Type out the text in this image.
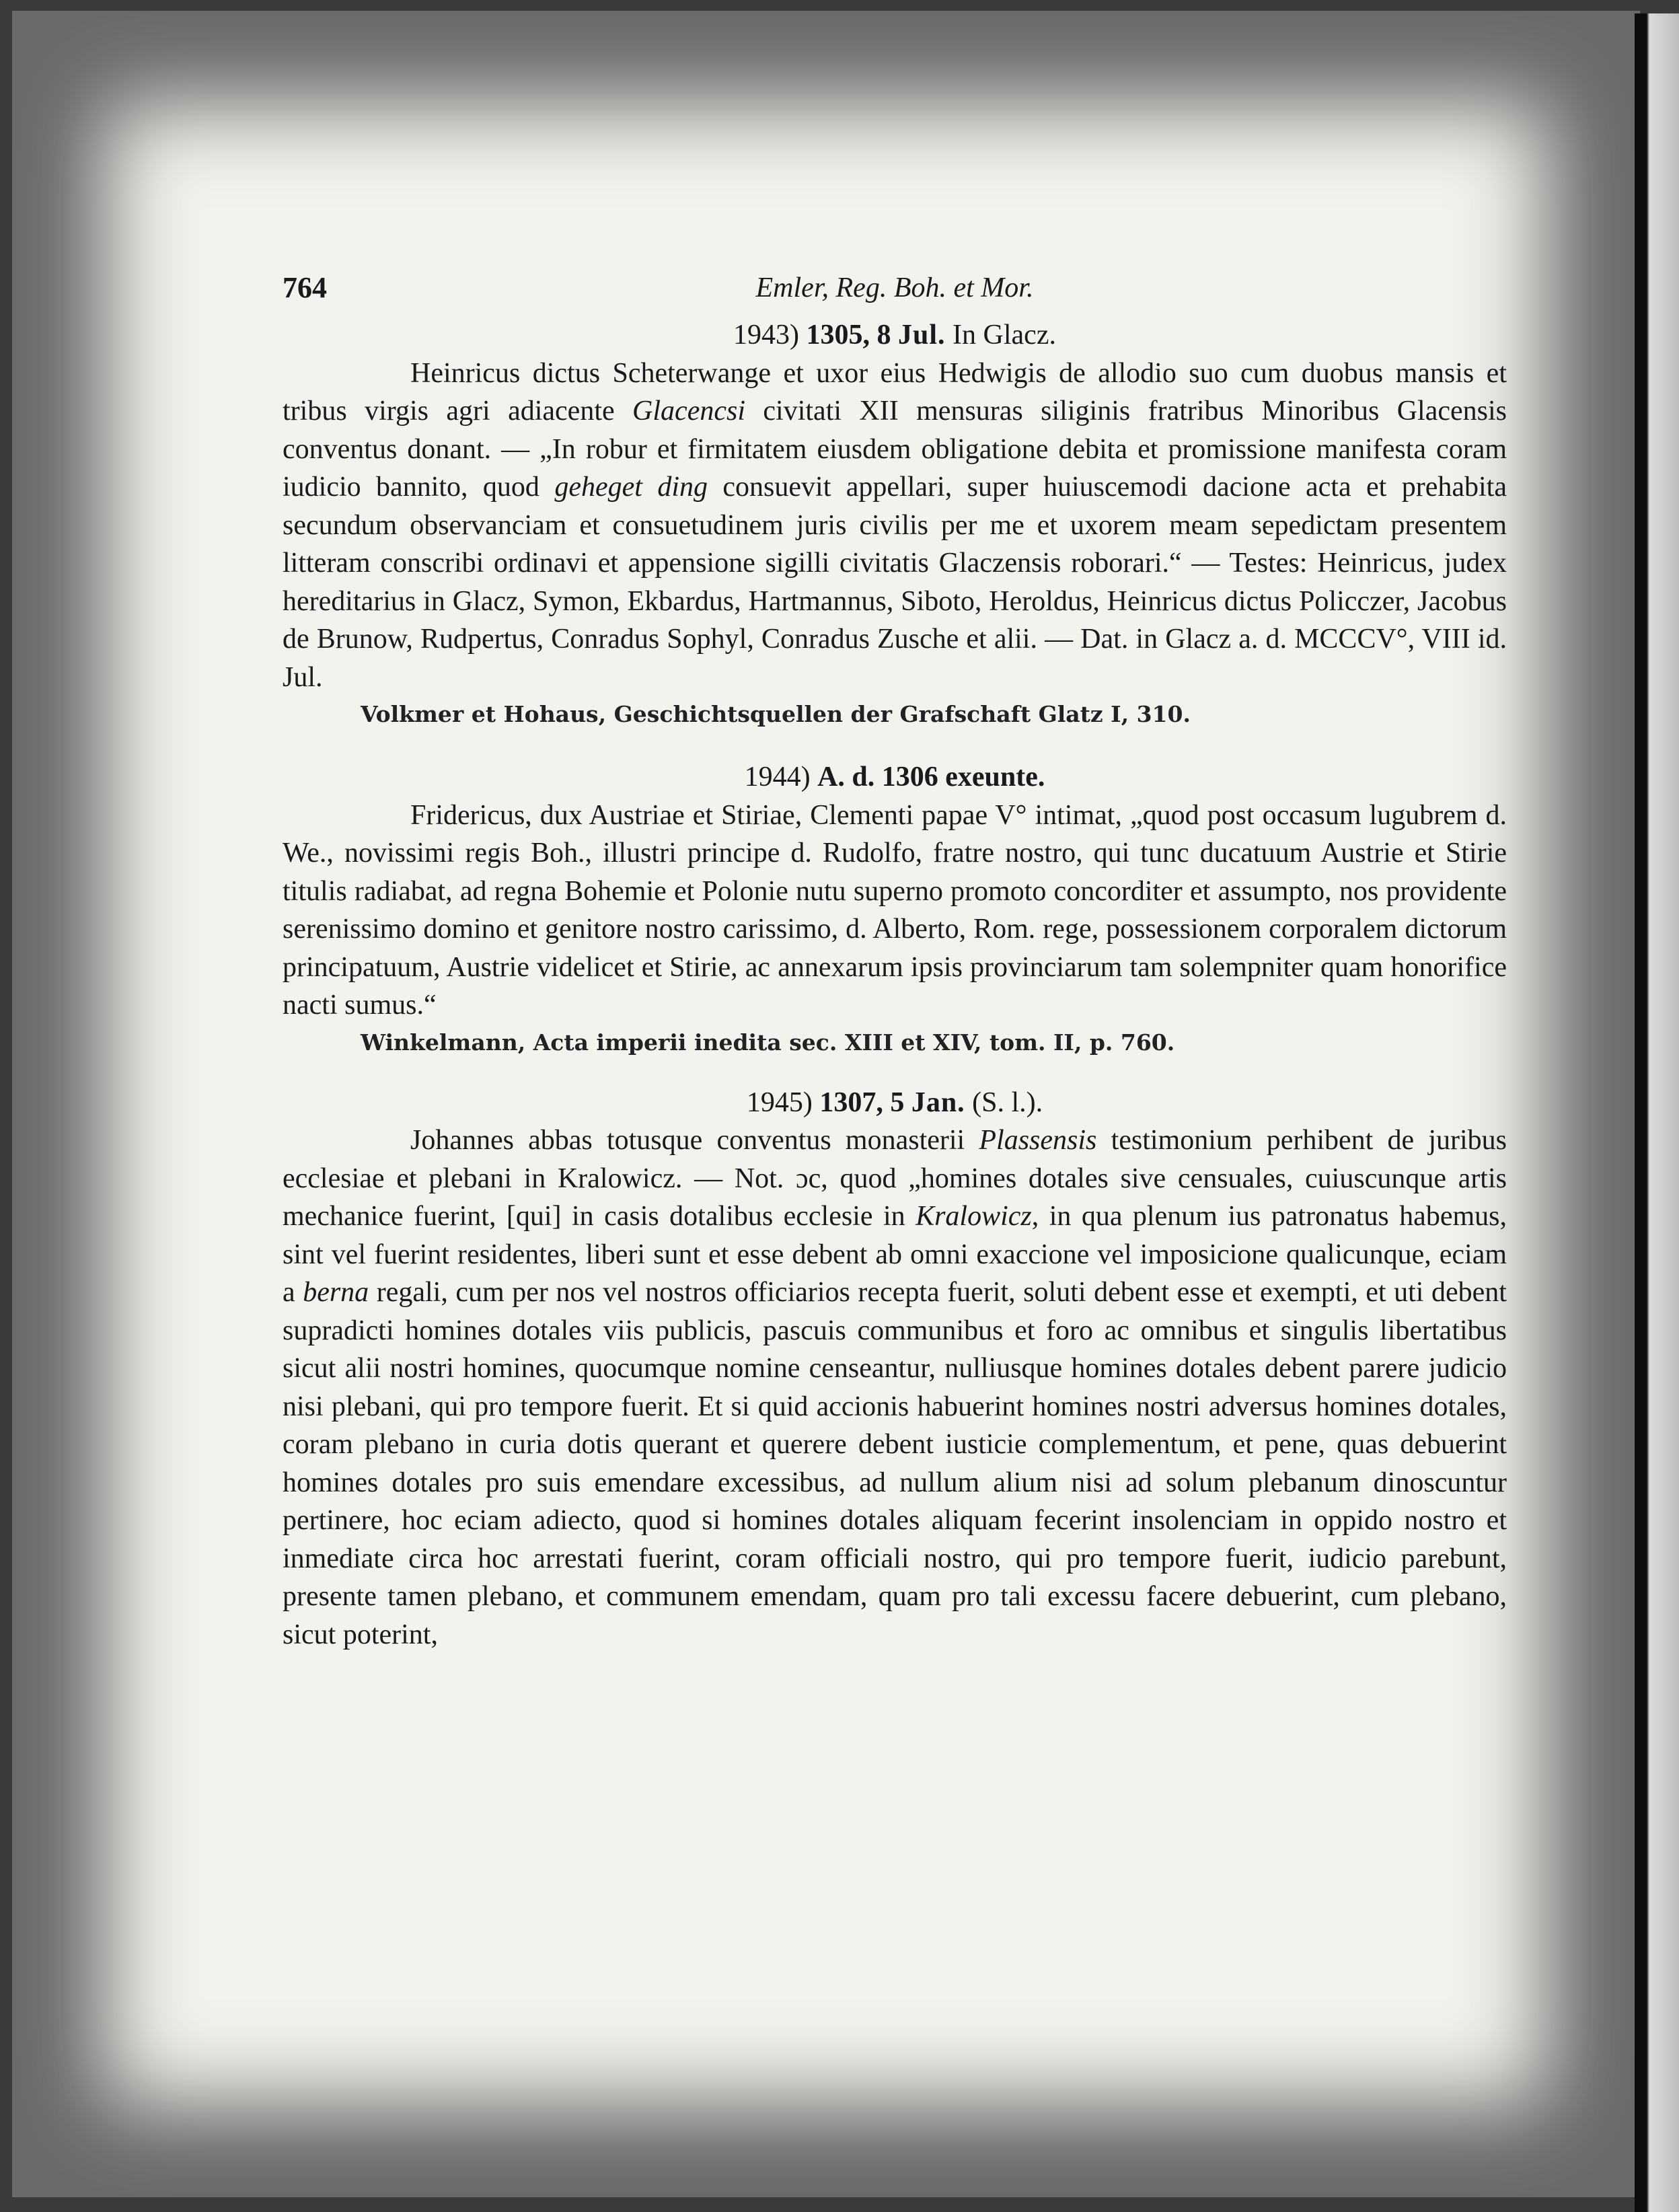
764	Emler, Reg. Boh. et Mor.
1943) 1305, 8 Jul. In Glacz.

Heinricus dictus Scheterwange et uxor eius Hedwigis de allodio suo cum duobus mansis et tribus virgis agri adiacente Glacencsi civitati XII mensuras siliginis fratribus Minoribus Glacensis conventus donant. — „In robur et firmitatem eiusdem obligatione debita et promissione manifesta coram iudicio bannito, quod geheget ding consuevit appellari, super huiuscemodi dacione acta et prehabita secundum observanciam et consuetudinem juris civilis per me et uxorem meam sepedictam presentem litteram conscribi ordinavi et appensione sigilli civitatis Glaczensis roborari.“ — Testes: Heinricus, judex hereditarius in Glacz, Symon, Ekbardus, Hartmannus, Siboto, Heroldus, Heinricus dictus Policczer, Jacobus de Brunow, Rudpertus, Conradus Sophyl, Conradus Zusche et alii. — Dat. in Glacz a. d. MCCCV°, VIII id. Jul.

Volkmer et Hohaus, Geschichtsquellen der Grafschaft Glatz I, 310.
1944) A. d. 1306 exeunte.

Fridericus, dux Austriae et Stiriae, Clementi papae V° intimat, „quod post occasum lugubrem d. We., novissimi regis Boh., illustri principe d. Rudolfo, fratre nostro, qui tunc ducatuum Austrie et Stirie titulis radiabat, ad regna Bohemie et Polonie nutu superno promoto concorditer et assumpto, nos providente serenissimo domino et genitore nostro carissimo, d. Alberto, Rom. rege, possessionem corporalem dictorum principatuum, Austrie videlicet et Stirie, ac annexarum ipsis provinciarum tam solempniter quam honorifice nacti sumus.“

Winkelmann, Acta imperii inedita sec. XIII et XIV, tom. II, p. 760.
1945) 1307, 5 Jan. (S. l.).

Johannes abbas totusque conventus monasterii Plassensis testimonium perhibent de juribus ecclesiae et plebani in Kralowicz. — Not. ɔc, quod „homines dotales sive censuales, cuiuscunque artis mechanice fuerint, [qui] in casis dotalibus ecclesie in Kralowicz, in qua plenum ius patronatus habemus, sint vel fuerint residentes, liberi sunt et esse debent ab omni exaccione vel imposicione qualicunque, eciam a berna regali, cum per nos vel nostros officiarios recepta fuerit, soluti debent esse et exempti, et uti debent supradicti homines dotales viis publicis, pascuis communibus et foro ac omnibus et singulis libertatibus sicut alii nostri homines, quocumque nomine censeantur, nulliusque homines dotales debent parere judicio nisi plebani, qui pro tempore fuerit. Et si quid accionis habuerint homines nostri adversus homines dotales, coram plebano in curia dotis querant et querere debent iusticie complementum, et pene, quas debuerint homines dotales pro suis emendare excessibus, ad nullum alium nisi ad solum plebanum dinoscuntur pertinere, hoc eciam adiecto, quod si homines dotales aliquam fecerint insolenciam in oppido nostro et inmediate circa hoc arrestati fuerint, coram officiali nostro, qui pro tempore fuerit, iudicio parebunt, presente tamen plebano, et communem emendam, quam pro tali excessu facere debuerint, cum plebano, sicut poterint,
